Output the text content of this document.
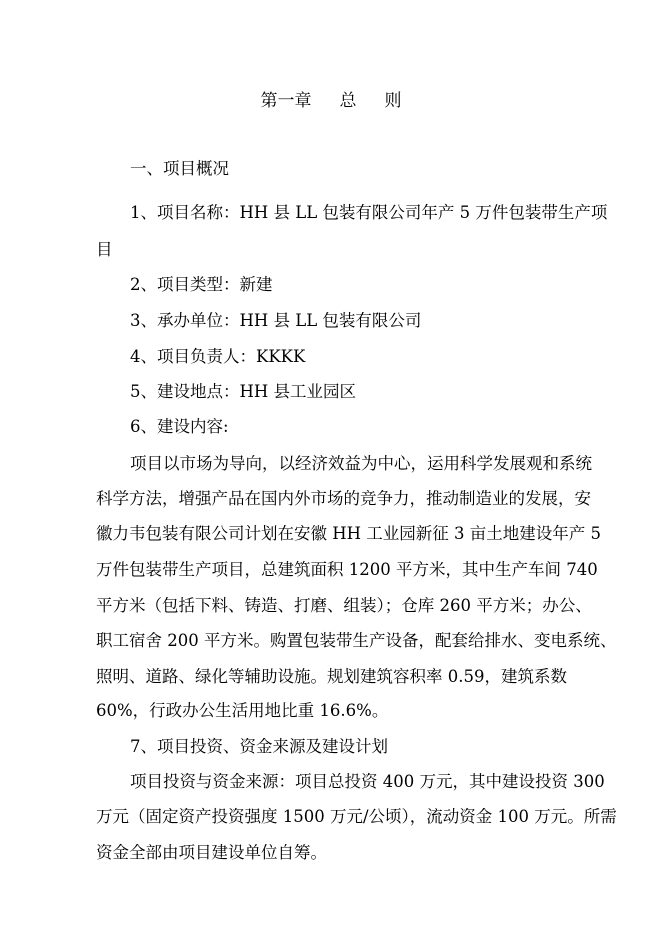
第一章 总 则
一、项目概况
1、项目名称：HH 县 LL 包装有限公司年产 5 万件包装带生产项
目
2、项目类型：新建
3、承办单位：HH 县 LL 包装有限公司
4、项目负责人：KKKK
5、建设地点：HH 县工业园区
6、建设内容:
项目以市场为导向，以经济效益为中心，运用科学发展观和系统
科学方法，增强产品在国内外市场的竞争力，推动制造业的发展，安
徽力韦包装有限公司计划在安徽 HH 工业园新征 3 亩土地建设年产 5
万件包装带生产项目，总建筑面积 1200 平方米，其中生产车间 740
平方米（包括下料、铸造、打磨、组装）；仓库 260 平方米；办公、
职工宿舍 200 平方米。购置包装带生产设备，配套给排水、变电系统、
照明、道路、绿化等辅助设施。规划建筑容积率 0.59，建筑系数
60%，行政办公生活用地比重 16.6%。
7、项目投资、资金来源及建设计划
项目投资与资金来源：项目总投资 400 万元，其中建设投资 300
万元（固定资产投资强度 1500 万元/公顷），流动资金 100 万元。所需
资金全部由项目建设单位自筹。
